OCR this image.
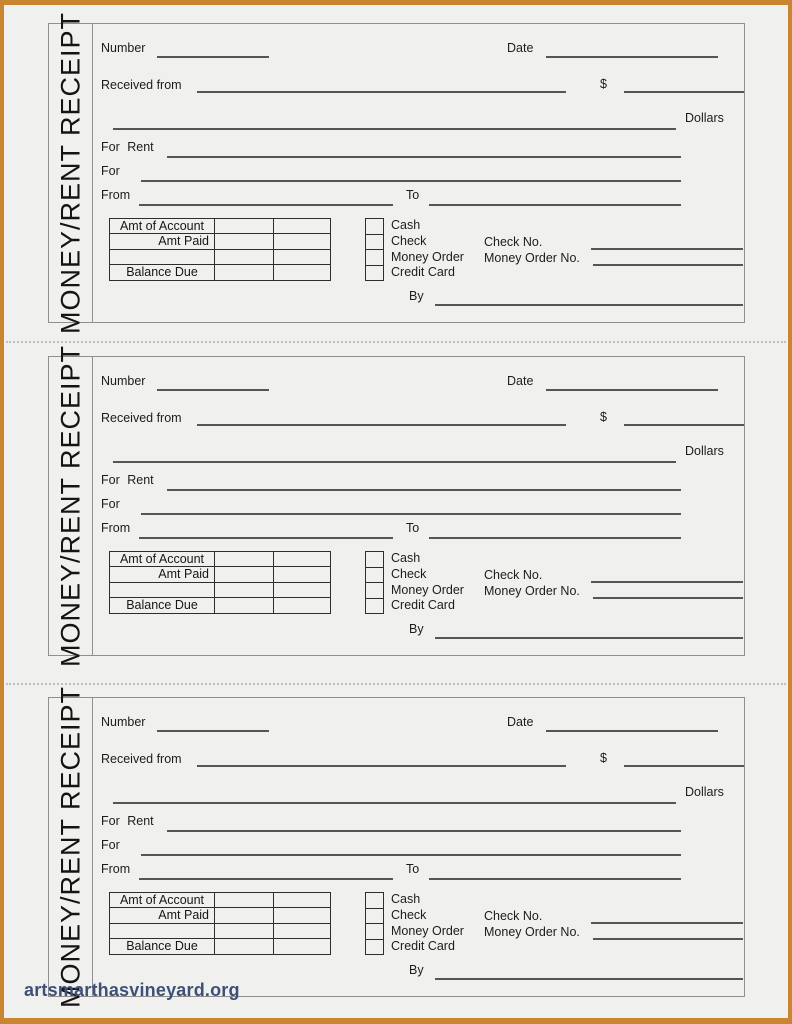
MONEY/RENT RECEIPT Number	Date
Received from	$
Dollars
For Rent
For
From	To
Amt of Account
Amt Paid
Balance Due
Cash
Check
Money Order
Credit Card
Check No.
Money Order No.
By
MONEY/RENT RECEIPT Number	Date
Received from	$
Dollars
For Rent
For
From	To
Amt of Account
Amt Paid
Balance Due
Cash
Check
Money Order
Credit Card
Check No.
Money Order No.
By
MONEY/RENT RECEIPT Number	Date
Received from	$
Dollars
For Rent
For
From	To
Amt of Account
Amt Paid
Balance Due
Cash
Check
Money Order
Credit Card
Check No.
Money Order No.
By
artsmarthasvineyard.org
